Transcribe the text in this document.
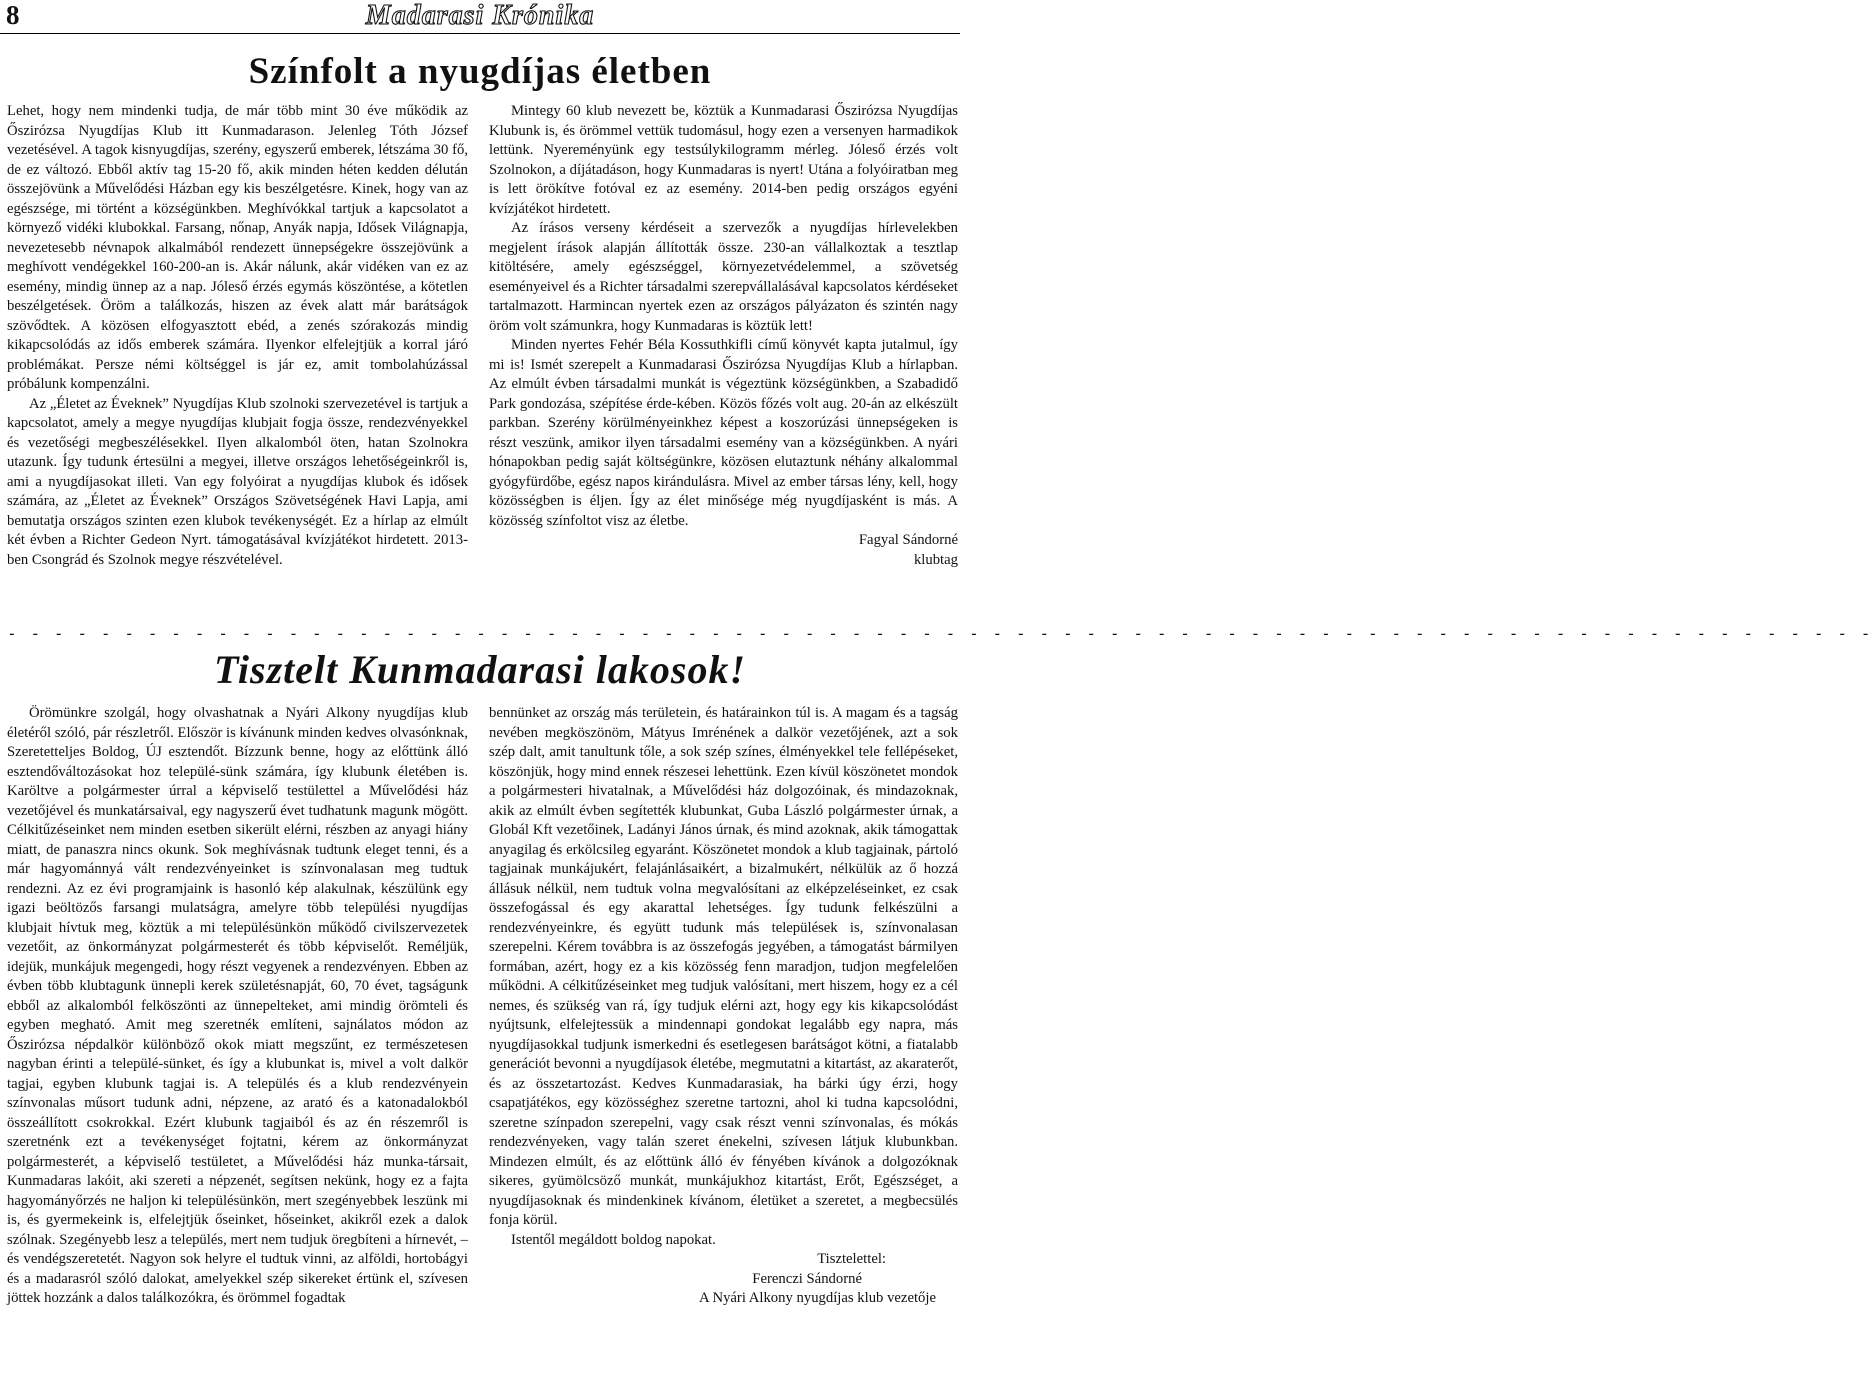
8	Madarasi Krónika
Színfolt a nyugdíjas életben

Lehet, hogy nem mindenki tudja, de már több mint 30 éve működik az Őszirózsa Nyugdíjas Klub itt Kunmadarason. Jelenleg Tóth József vezetésével. A tagok kisnyugdíjas, szerény, egyszerű emberek, létszáma 30 fő, de ez változó. Ebből aktív tag 15-20 fő, akik minden héten kedden délután összejövünk a Művelődési Házban egy kis beszélgetésre. Kinek, hogy van az egészsége, mi történt a községünkben. Meghívókkal tartjuk a kapcsolatot a környező vidéki klubokkal. Farsang, nőnap, Anyák napja, Idősek Világnapja, nevezetesebb névnapok alkalmából rendezett ünnepségekre összejövünk a meghívott vendégekkel 160-200-an is. Akár nálunk, akár vidéken van ez az esemény, mindig ünnep az a nap. Jóleső érzés egymás köszöntése, a kötetlen beszélgetések. Öröm a találkozás, hiszen az évek alatt már barátságok szövődtek. A közösen elfogyasztott ebéd, a zenés szórakozás mindig kikapcsolódás az idős emberek számára. Ilyenkor elfelejtjük a korral járó problémákat. Persze némi költséggel is jár ez, amit tombolahúzással próbálunk kompenzálni.

Az „Életet az Éveknek” Nyugdíjas Klub szolnoki szervezetével is tartjuk a kapcsolatot, amely a megye nyugdíjas klubjait fogja össze, rendezvényekkel és vezetőségi megbeszélésekkel. Ilyen alkalomból öten, hatan Szolnokra utazunk. Így tudunk értesülni a megyei, illetve országos lehetőségeinkről is, ami a nyugdíjasokat illeti. Van egy folyóirat a nyugdíjas klubok és idősek számára, az „Életet az Éveknek” Országos Szövetségének Havi Lapja, ami bemutatja országos szinten ezen klubok tevékenységét. Ez a hírlap az elmúlt két évben a Richter Gedeon Nyrt. támogatásával kvízjátékot hirdetett. 2013-ben Csongrád és Szolnok megye részvételével.

Mintegy 60 klub nevezett be, köztük a Kunmadarasi Őszirózsa Nyugdíjas Klubunk is, és örömmel vettük tudomásul, hogy ezen a versenyen harmadikok lettünk. Nyereményünk egy testsúlykilogramm mérleg. Jóleső érzés volt Szolnokon, a díjátadáson, hogy Kunmadaras is nyert! Utána a folyóiratban meg is lett örökítve fotóval ez az esemény. 2014-ben pedig országos egyéni kvízjátékot hirdetett.

Az írásos verseny kérdéseit a szervezők a nyugdíjas hírlevelekben megjelent írások alapján állították össze. 230-an vállalkoztak a tesztlap kitöltésére, amely egészséggel, környezetvédelemmel, a szövetség eseményeivel és a Richter társadalmi szerepvállalásával kapcsolatos kérdéseket tartalmazott. Harmincan nyertek ezen az országos pályázaton és szintén nagy öröm volt számunkra, hogy Kunmadaras is köztük lett!

Minden nyertes Fehér Béla Kossuthkifli című könyvét kapta jutalmul, így mi is! Ismét szerepelt a Kunmadarasi Őszirózsa Nyugdíjas Klub a hírlapban. Az elmúlt évben társadalmi munkát is végeztünk községünkben, a Szabadidő Park gondozása, szépítése érde-kében. Közös főzés volt aug. 20-án az elkészült parkban. Szerény körülményeinkhez képest a koszorúzási ünnepségeken is részt veszünk, amikor ilyen társadalmi esemény van a községünkben. A nyári hónapokban pedig saját költségünkre, közösen elutaztunk néhány alkalommal gyógyfürdőbe, egész napos kirándulásra. Mivel az ember társas lény, kell, hogy közösségben is éljen. Így az élet minősége még nyugdíjasként is más. A közösség színfoltot visz az életbe.

Fagyal Sándorné

klubtag

- - - - - - - - - - - - - - - - - - - - - - - - - - - - - - - - - - - - - - - - - - - - - - - - - - - - - - - - - - - - - - - - - - - - - - - - - - - - - - - -
Tisztelt Kunmadarasi lakosok!

Örömünkre szolgál, hogy olvashatnak a Nyári Alkony nyugdíjas klub életéről szóló, pár részletről. Először is kívánunk minden kedves olvasónknak, Szeretetteljes Boldog, ÚJ esztendőt. Bízzunk benne, hogy az előttünk álló esztendőváltozásokat hoz települé-sünk számára, így klubunk életében is. Karöltve a polgármester úrral a képviselő testülettel a Művelődési ház vezetőjével és munkatársaival, egy nagyszerű évet tudhatunk magunk mögött. Célkitűzéseinket nem minden esetben sikerült elérni, részben az anyagi hiány miatt, de panaszra nincs okunk. Sok meghívásnak tudtunk eleget tenni, és a már hagyománnyá vált rendezvényeinket is színvonalasan meg tudtuk rendezni. Az ez évi programjaink is hasonló kép alakulnak, készülünk egy igazi beöltözős farsangi mulatságra, amelyre több települési nyugdíjas klubjait hívtuk meg, köztük a mi településünkön működő civilszervezetek vezetőit, az önkormányzat polgármesterét és több képviselőt. Reméljük, idejük, munkájuk megengedi, hogy részt vegyenek a rendezvényen. Ebben az évben több klubtagunk ünnepli kerek születésnapját, 60, 70 évet, tagságunk ebből az alkalomból felköszönti az ünnepelteket, ami mindig örömteli és egyben megható. Amit meg szeretnék említeni, sajnálatos módon az Őszirózsa népdalkör különböző okok miatt megszűnt, ez természetesen nagyban érinti a települé-sünket, és így a klubunkat is, mivel a volt dalkör tagjai, egyben klubunk tagjai is. A település és a klub rendezvényein színvonalas műsort tudunk adni, népzene, az arató és a katonadalokból összeállított csokrokkal. Ezért klubunk tagjaiból és az én részemről is szeretnénk ezt a tevékenységet fojtatni, kérem az önkormányzat polgármesterét, a képviselő testületet, a Művelődési ház munka-társait, Kunmadaras lakóit, aki szereti a népzenét, segítsen nekünk, hogy ez a fajta hagyományőrzés ne haljon ki településünkön, mert szegényebbek leszünk mi is, és gyermekeink is, elfelejtjük őseinket, hőseinket, akikről ezek a dalok szólnak. Szegényebb lesz a település, mert nem tudjuk öregbíteni a hírnevét, – és vendégszeretetét. Nagyon sok helyre el tudtuk vinni, az alföldi, hortobágyi és a madarasról szóló dalokat, amelyekkel szép sikereket értünk el, szívesen jöttek hozzánk a dalos találkozókra, és örömmel fogadtak

bennünket az ország más területein, és határainkon túl is. A magam és a tagság nevében megköszönöm, Mátyus Imrénének a dalkör vezetőjének, azt a sok szép dalt, amit tanultunk tőle, a sok szép színes, élményekkel tele fellépéseket, köszönjük, hogy mind ennek részesei lehettünk. Ezen kívül köszönetet mondok a polgármesteri hivatalnak, a Művelődési ház dolgozóinak, és mindazoknak, akik az elmúlt évben segítették klubunkat, Guba László polgármester úrnak, a Globál Kft vezetőinek, Ladányi János úrnak, és mind azoknak, akik támogattak anyagilag és erkölcsileg egyaránt. Köszönetet mondok a klub tagjainak, pártoló tagjainak munkájukért, felajánlásaikért, a bizalmukért, nélkülük az ő hozzá állásuk nélkül, nem tudtuk volna megvalósítani az elképzeléseinket, ez csak összefogással és egy akarattal lehetséges. Így tudunk felkészülni a rendezvényeinkre, és együtt tudunk más települések is, színvonalasan szerepelni. Kérem továbbra is az összefogás jegyében, a támogatást bármilyen formában, azért, hogy ez a kis közösség fenn maradjon, tudjon megfelelően működni. A célkitűzéseinket meg tudjuk valósítani, mert hiszem, hogy ez a cél nemes, és szükség van rá, így tudjuk elérni azt, hogy egy kis kikapcsolódást nyújtsunk, elfelejtessük a mindennapi gondokat legalább egy napra, más nyugdíjasokkal tudjunk ismerkedni és esetlegesen barátságot kötni, a fiatalabb generációt bevonni a nyugdíjasok életébe, megmutatni a kitartást, az akaraterőt, és az összetartozást. Kedves Kunmadarasiak, ha bárki úgy érzi, hogy csapatjátékos, egy közösséghez szeretne tartozni, ahol ki tudna kapcsolódni, szeretne színpadon szerepelni, vagy csak részt venni színvonalas, és mókás rendezvényeken, vagy talán szeret énekelni, szívesen látjuk klubunkban. Mindezen elmúlt, és az előttünk álló év fényében kívánok a dolgozóknak sikeres, gyümölcsöző munkát, munkájukhoz kitartást, Erőt, Egészséget, a nyugdíjasoknak és mindenkinek kívánom, életüket a szeretet, a megbecsülés fonja körül.

Istentől megáldott boldog napokat.

Tisztelettel:

Ferenczi Sándorné

A Nyári Alkony nyugdíjas klub vezetője
